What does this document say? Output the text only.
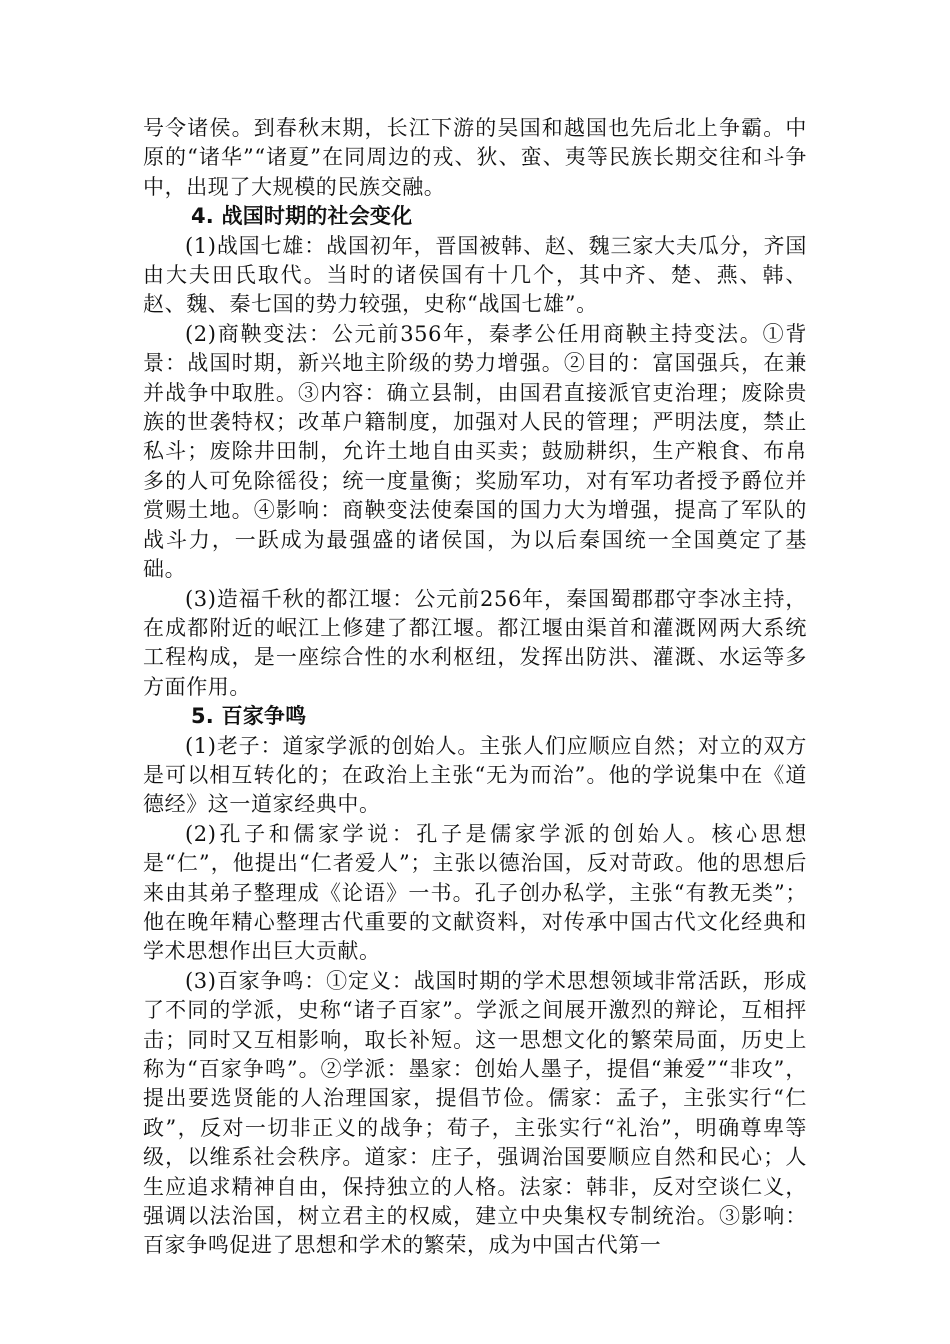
号令诸侯。到春秋末期，长江下游的吴国和越国也先后北上争霸。中原的“诸华”“诸夏”在同周边的戎、狄、蛮、夷等民族长期交往和斗争中，出现了大规模的民族交融。

4. 战国时期的社会变化

(1)战国七雄：战国初年，晋国被韩、赵、魏三家大夫瓜分，齐国由大夫田氏取代。当时的诸侯国有十几个，其中齐、楚、燕、韩、赵、魏、秦七国的势力较强，史称“战国七雄”。

(2)商鞅变法：公元前356年，秦孝公任用商鞅主持变法。①背景：战国时期，新兴地主阶级的势力增强。②目的：富国强兵，在兼并战争中取胜。③内容：确立县制，由国君直接派官吏治理；废除贵族的世袭特权；改革户籍制度，加强对人民的管理；严明法度，禁止私斗；废除井田制，允许土地自由买卖；鼓励耕织，生产粮食、布帛多的人可免除徭役；统一度量衡；奖励军功，对有军功者授予爵位并赏赐土地。④影响：商鞅变法使秦国的国力大为增强，提高了军队的战斗力，一跃成为最强盛的诸侯国，为以后秦国统一全国奠定了基础。

(3)造福千秋的都江堰：公元前256年，秦国蜀郡郡守李冰主持，在成都附近的岷江上修建了都江堰。都江堰由渠首和灌溉网两大系统工程构成，是一座综合性的水利枢纽，发挥出防洪、灌溉、水运等多方面作用。

5. 百家争鸣

(1)老子：道家学派的创始人。主张人们应顺应自然；对立的双方是可以相互转化的；在政治上主张“无为而治”。他的学说集中在《道德经》这一道家经典中。

(2)孔子和儒家学说：孔子是儒家学派的创始人。核心思想是“仁”，他提出“仁者爱人”；主张以德治国，反对苛政。他的思想后来由其弟子整理成《论语》一书。孔子创办私学，主张“有教无类”；他在晚年精心整理古代重要的文献资料，对传承中国古代文化经典和学术思想作出巨大贡献。

(3)百家争鸣：①定义：战国时期的学术思想领域非常活跃，形成了不同的学派，史称“诸子百家”。学派之间展开激烈的辩论，互相抨击；同时又互相影响，取长补短。这一思想文化的繁荣局面，历史上称为“百家争鸣”。②学派：墨家：创始人墨子，提倡“兼爱”“非攻”，提出要选贤能的人治理国家，提倡节俭。儒家：孟子，主张实行“仁政”，反对一切非正义的战争；荀子，主张实行“礼治”，明确尊卑等级，以维系社会秩序。道家：庄子，强调治国要顺应自然和民心；人生应追求精神自由，保持独立的人格。法家：韩非，反对空谈仁义，强调以法治国，树立君主的权威，建立中央集权专制统治。③影响：百家争鸣促进了思想和学术的繁荣，成为中国古代第一
